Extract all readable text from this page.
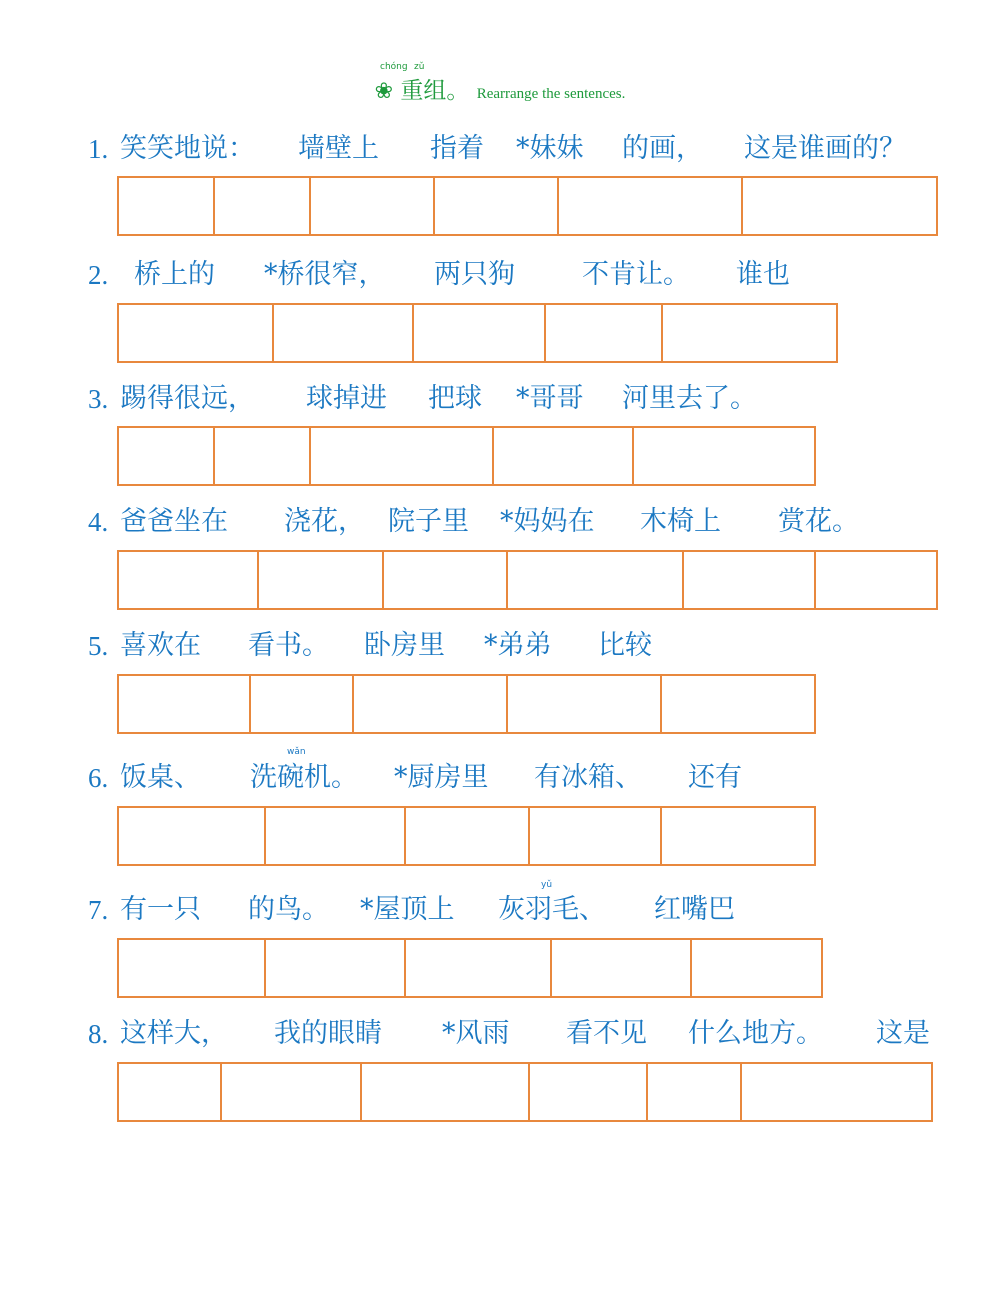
chóng zǔ
❀ 重组。 Rearrange the sentences.
1. 笑笑地说： 墙壁上 指着 *妹妹 的画， 这是谁画的？
2. 桥上的 *桥很窄， 两只狗 不肯让。 谁也
3. 踢得很远， 球掉进 把球 *哥哥 河里去了。
4. 爸爸坐在 浇花， 院子里 *妈妈在 木椅上 赏花。
5. 喜欢在 看书。 卧房里 *弟弟 比较
wǎn
6. 饭桌、 洗碗机。 *厨房里 有冰箱、 还有
yǔ
7. 有一只 的鸟。 *屋顶上 灰羽毛、 红嘴巴
8. 这样大， 我的眼睛 *风雨 看不见 什么地方。 这是
